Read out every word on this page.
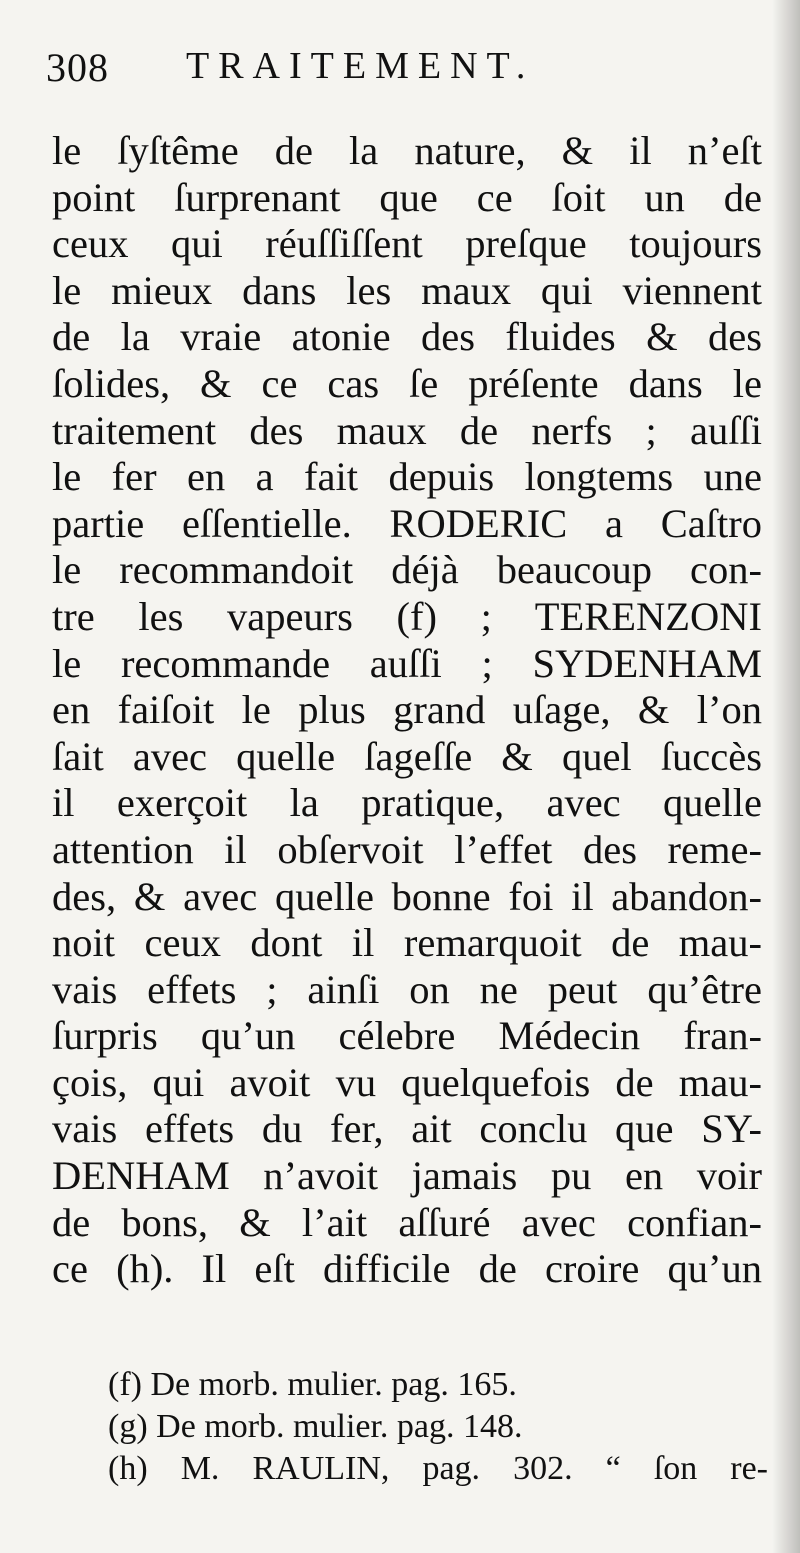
308 TRAITEMENT.
le ſyſtême de la nature, & il n’eſt
point ſurprenant que ce ſoit un de
ceux qui réuſſiſſent preſque toujours
le mieux dans les maux qui viennent
de la vraie atonie des fluides & des
ſolides, & ce cas ſe préſente dans le
traitement des maux de nerfs ; auſſi
le fer en a fait depuis longtems une
partie eſſentielle. RODERIC a Caſtro
le recommandoit déjà beaucoup con-
tre les vapeurs (f) ; TERENZONI
le recommande auſſi ; SYDENHAM
en faiſoit le plus grand uſage, & l’on
ſait avec quelle ſageſſe & quel ſuccès
il exerçoit la pratique, avec quelle
attention il obſervoit l’effet des reme-
des, & avec quelle bonne foi il abandon-
noit ceux dont il remarquoit de mau-
vais effets ; ainſi on ne peut qu’être
ſurpris qu’un célebre Médecin fran-
çois, qui avoit vu quelquefois de mau-
vais effets du fer, ait conclu que SY-
DENHAM n’avoit jamais pu en voir
de bons, & l’ait aſſuré avec confian-
ce (h). Il eſt difficile de croire qu’un
(f) De morb. mulier. pag. 165.
(g) De morb. mulier. pag. 148.
(h) M. RAULIN, pag. 302. “ ſon re-
